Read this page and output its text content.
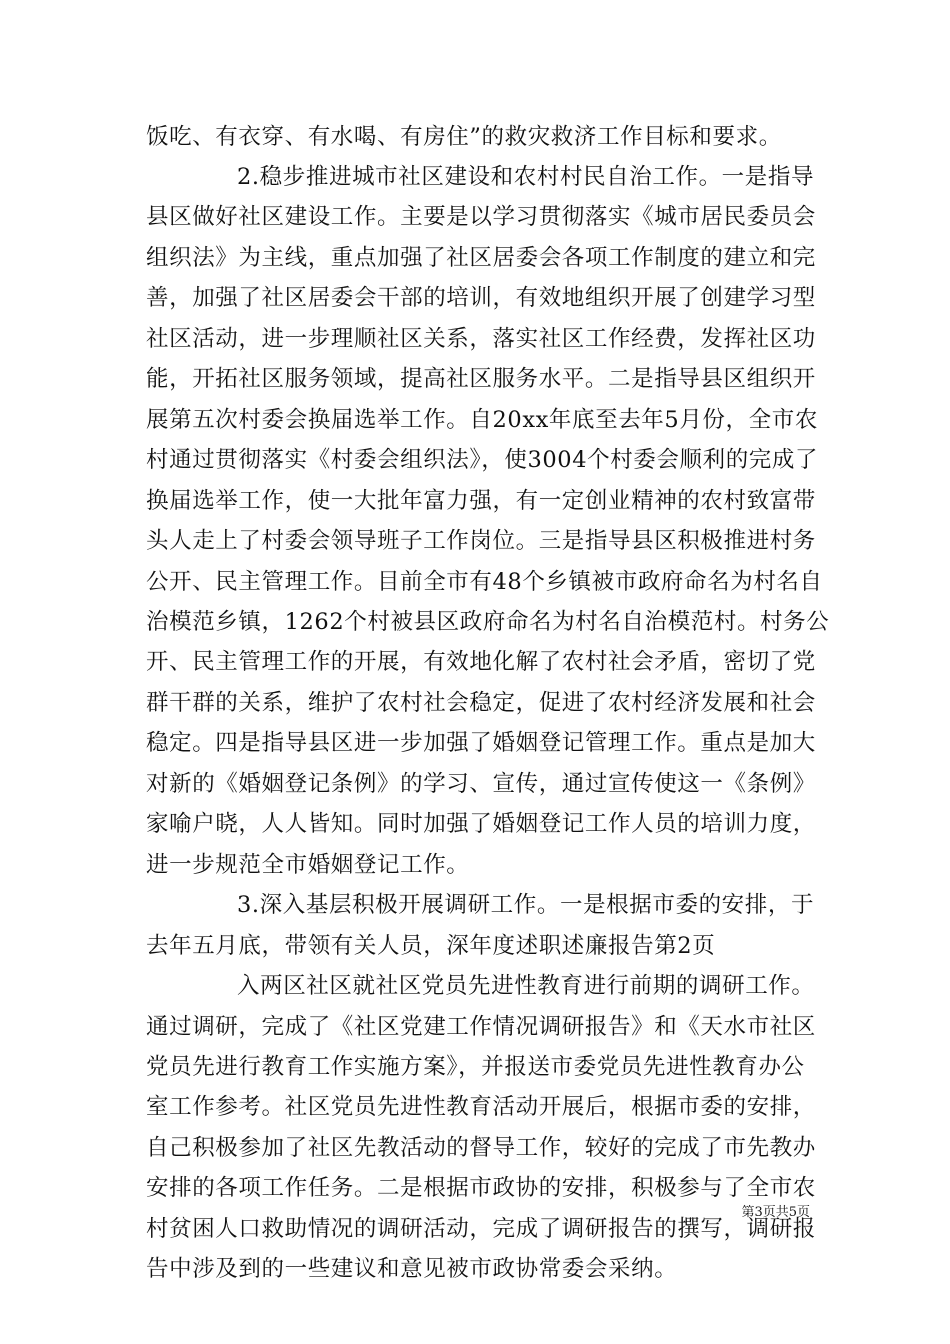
饭吃、有衣穿、有水喝、有房住”的救灾救济工作目标和要求。
2.稳步推进城市社区建设和农村村民自治工作。一是指导
县区做好社区建设工作。主要是以学习贯彻落实《城市居民委员会
组织法》为主线，重点加强了社区居委会各项工作制度的建立和完
善，加强了社区居委会干部的培训，有效地组织开展了创建学习型
社区活动，进一步理顺社区关系，落实社区工作经费，发挥社区功
能，开拓社区服务领域，提高社区服务水平。二是指导县区组织开
展第五次村委会换届选举工作。自20xx年底至去年5月份，全市农
村通过贯彻落实《村委会组织法》，使3004个村委会顺利的完成了
换届选举工作，使一大批年富力强，有一定创业精神的农村致富带
头人走上了村委会领导班子工作岗位。三是指导县区积极推进村务
公开、民主管理工作。目前全市有48个乡镇被市政府命名为村名自
治模范乡镇，1262个村被县区政府命名为村名自治模范村。村务公
开、民主管理工作的开展，有效地化解了农村社会矛盾，密切了党
群干群的关系，维护了农村社会稳定，促进了农村经济发展和社会
稳定。四是指导县区进一步加强了婚姻登记管理工作。重点是加大
对新的《婚姻登记条例》的学习、宣传，通过宣传使这一《条例》
家喻户晓，人人皆知。同时加强了婚姻登记工作人员的培训力度，
进一步规范全市婚姻登记工作。
3.深入基层积极开展调研工作。一是根据市委的安排，于
去年五月底，带领有关人员，深年度述职述廉报告第2页
入两区社区就社区党员先进性教育进行前期的调研工作。
通过调研，完成了《社区党建工作情况调研报告》和《天水市社区
党员先进行教育工作实施方案》，并报送市委党员先进性教育办公
室工作参考。社区党员先进性教育活动开展后，根据市委的安排，
自己积极参加了社区先教活动的督导工作，较好的完成了市先教办
安排的各项工作任务。二是根据市政协的安排，积极参与了全市农
村贫困人口救助情况的调研活动，完成了调研报告的撰写，调研报
告中涉及到的一些建议和意见被市政协常委会采纳。
第3页共5页
